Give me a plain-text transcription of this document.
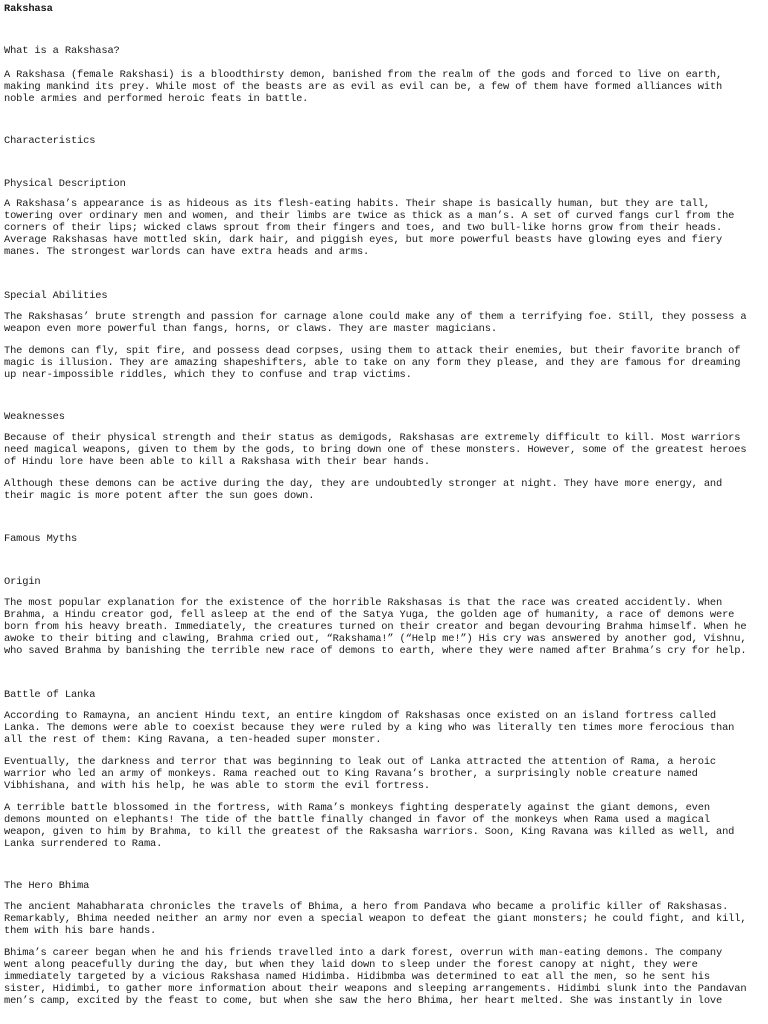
Rakshasa
What is a Rakshasa?
A Rakshasa (female Rakshasi) is a bloodthirsty demon, banished from the realm of the gods and forced to live on earth,
making mankind its prey. While most of the beasts are as evil as evil can be, a few of them have formed alliances with
noble armies and performed heroic feats in battle.
Characteristics
Physical Description
A Rakshasa’s appearance is as hideous as its flesh-eating habits. Their shape is basically human, but they are tall,
towering over ordinary men and women, and their limbs are twice as thick as a man’s. A set of curved fangs curl from the
corners of their lips; wicked claws sprout from their fingers and toes, and two bull-like horns grow from their heads.
Average Rakshasas have mottled skin, dark hair, and piggish eyes, but more powerful beasts have glowing eyes and fiery
manes. The strongest warlords can have extra heads and arms.
Special Abilities
The Rakshasas’ brute strength and passion for carnage alone could make any of them a terrifying foe. Still, they possess a
weapon even more powerful than fangs, horns, or claws. They are master magicians.
The demons can fly, spit fire, and possess dead corpses, using them to attack their enemies, but their favorite branch of
magic is illusion. They are amazing shapeshifters, able to take on any form they please, and they are famous for dreaming
up near-impossible riddles, which they to confuse and trap victims.
Weaknesses
Because of their physical strength and their status as demigods, Rakshasas are extremely difficult to kill. Most warriors
need magical weapons, given to them by the gods, to bring down one of these monsters. However, some of the greatest heroes
of Hindu lore have been able to kill a Rakshasa with their bear hands.
Although these demons can be active during the day, they are undoubtedly stronger at night. They have more energy, and
their magic is more potent after the sun goes down.
Famous Myths
Origin
The most popular explanation for the existence of the horrible Rakshasas is that the race was created accidently. When
Brahma, a Hindu creator god, fell asleep at the end of the Satya Yuga, the golden age of humanity, a race of demons were
born from his heavy breath. Immediately, the creatures turned on their creator and began devouring Brahma himself. When he
awoke to their biting and clawing, Brahma cried out, “Rakshama!” (“Help me!”) His cry was answered by another god, Vishnu,
who saved Brahma by banishing the terrible new race of demons to earth, where they were named after Brahma’s cry for help.
Battle of Lanka
According to Ramayna, an ancient Hindu text, an entire kingdom of Rakshasas once existed on an island fortress called
Lanka. The demons were able to coexist because they were ruled by a king who was literally ten times more ferocious than
all the rest of them: King Ravana, a ten-headed super monster.
Eventually, the darkness and terror that was beginning to leak out of Lanka attracted the attention of Rama, a heroic
warrior who led an army of monkeys. Rama reached out to King Ravana’s brother, a surprisingly noble creature named
Vibhishana, and with his help, he was able to storm the evil fortress.
A terrible battle blossomed in the fortress, with Rama’s monkeys fighting desperately against the giant demons, even
demons mounted on elephants! The tide of the battle finally changed in favor of the monkeys when Rama used a magical
weapon, given to him by Brahma, to kill the greatest of the Raksasha warriors. Soon, King Ravana was killed as well, and
Lanka surrendered to Rama.
The Hero Bhima
The ancient Mahabharata chronicles the travels of Bhima, a hero from Pandava who became a prolific killer of Rakshasas.
Remarkably, Bhima needed neither an army nor even a special weapon to defeat the giant monsters; he could fight, and kill,
them with his bare hands.
Bhima’s career began when he and his friends travelled into a dark forest, overrun with man-eating demons. The company
went along peacefully during the day, but when they laid down to sleep under the forest canopy at night, they were
immediately targeted by a vicious Rakshasa named Hidimba. Hidibmba was determined to eat all the men, so he sent his
sister, Hidimbi, to gather more information about their weapons and sleeping arrangements. Hidimbi slunk into the Pandavan
men’s camp, excited by the feast to come, but when she saw the hero Bhima, her heart melted. She was instantly in love
